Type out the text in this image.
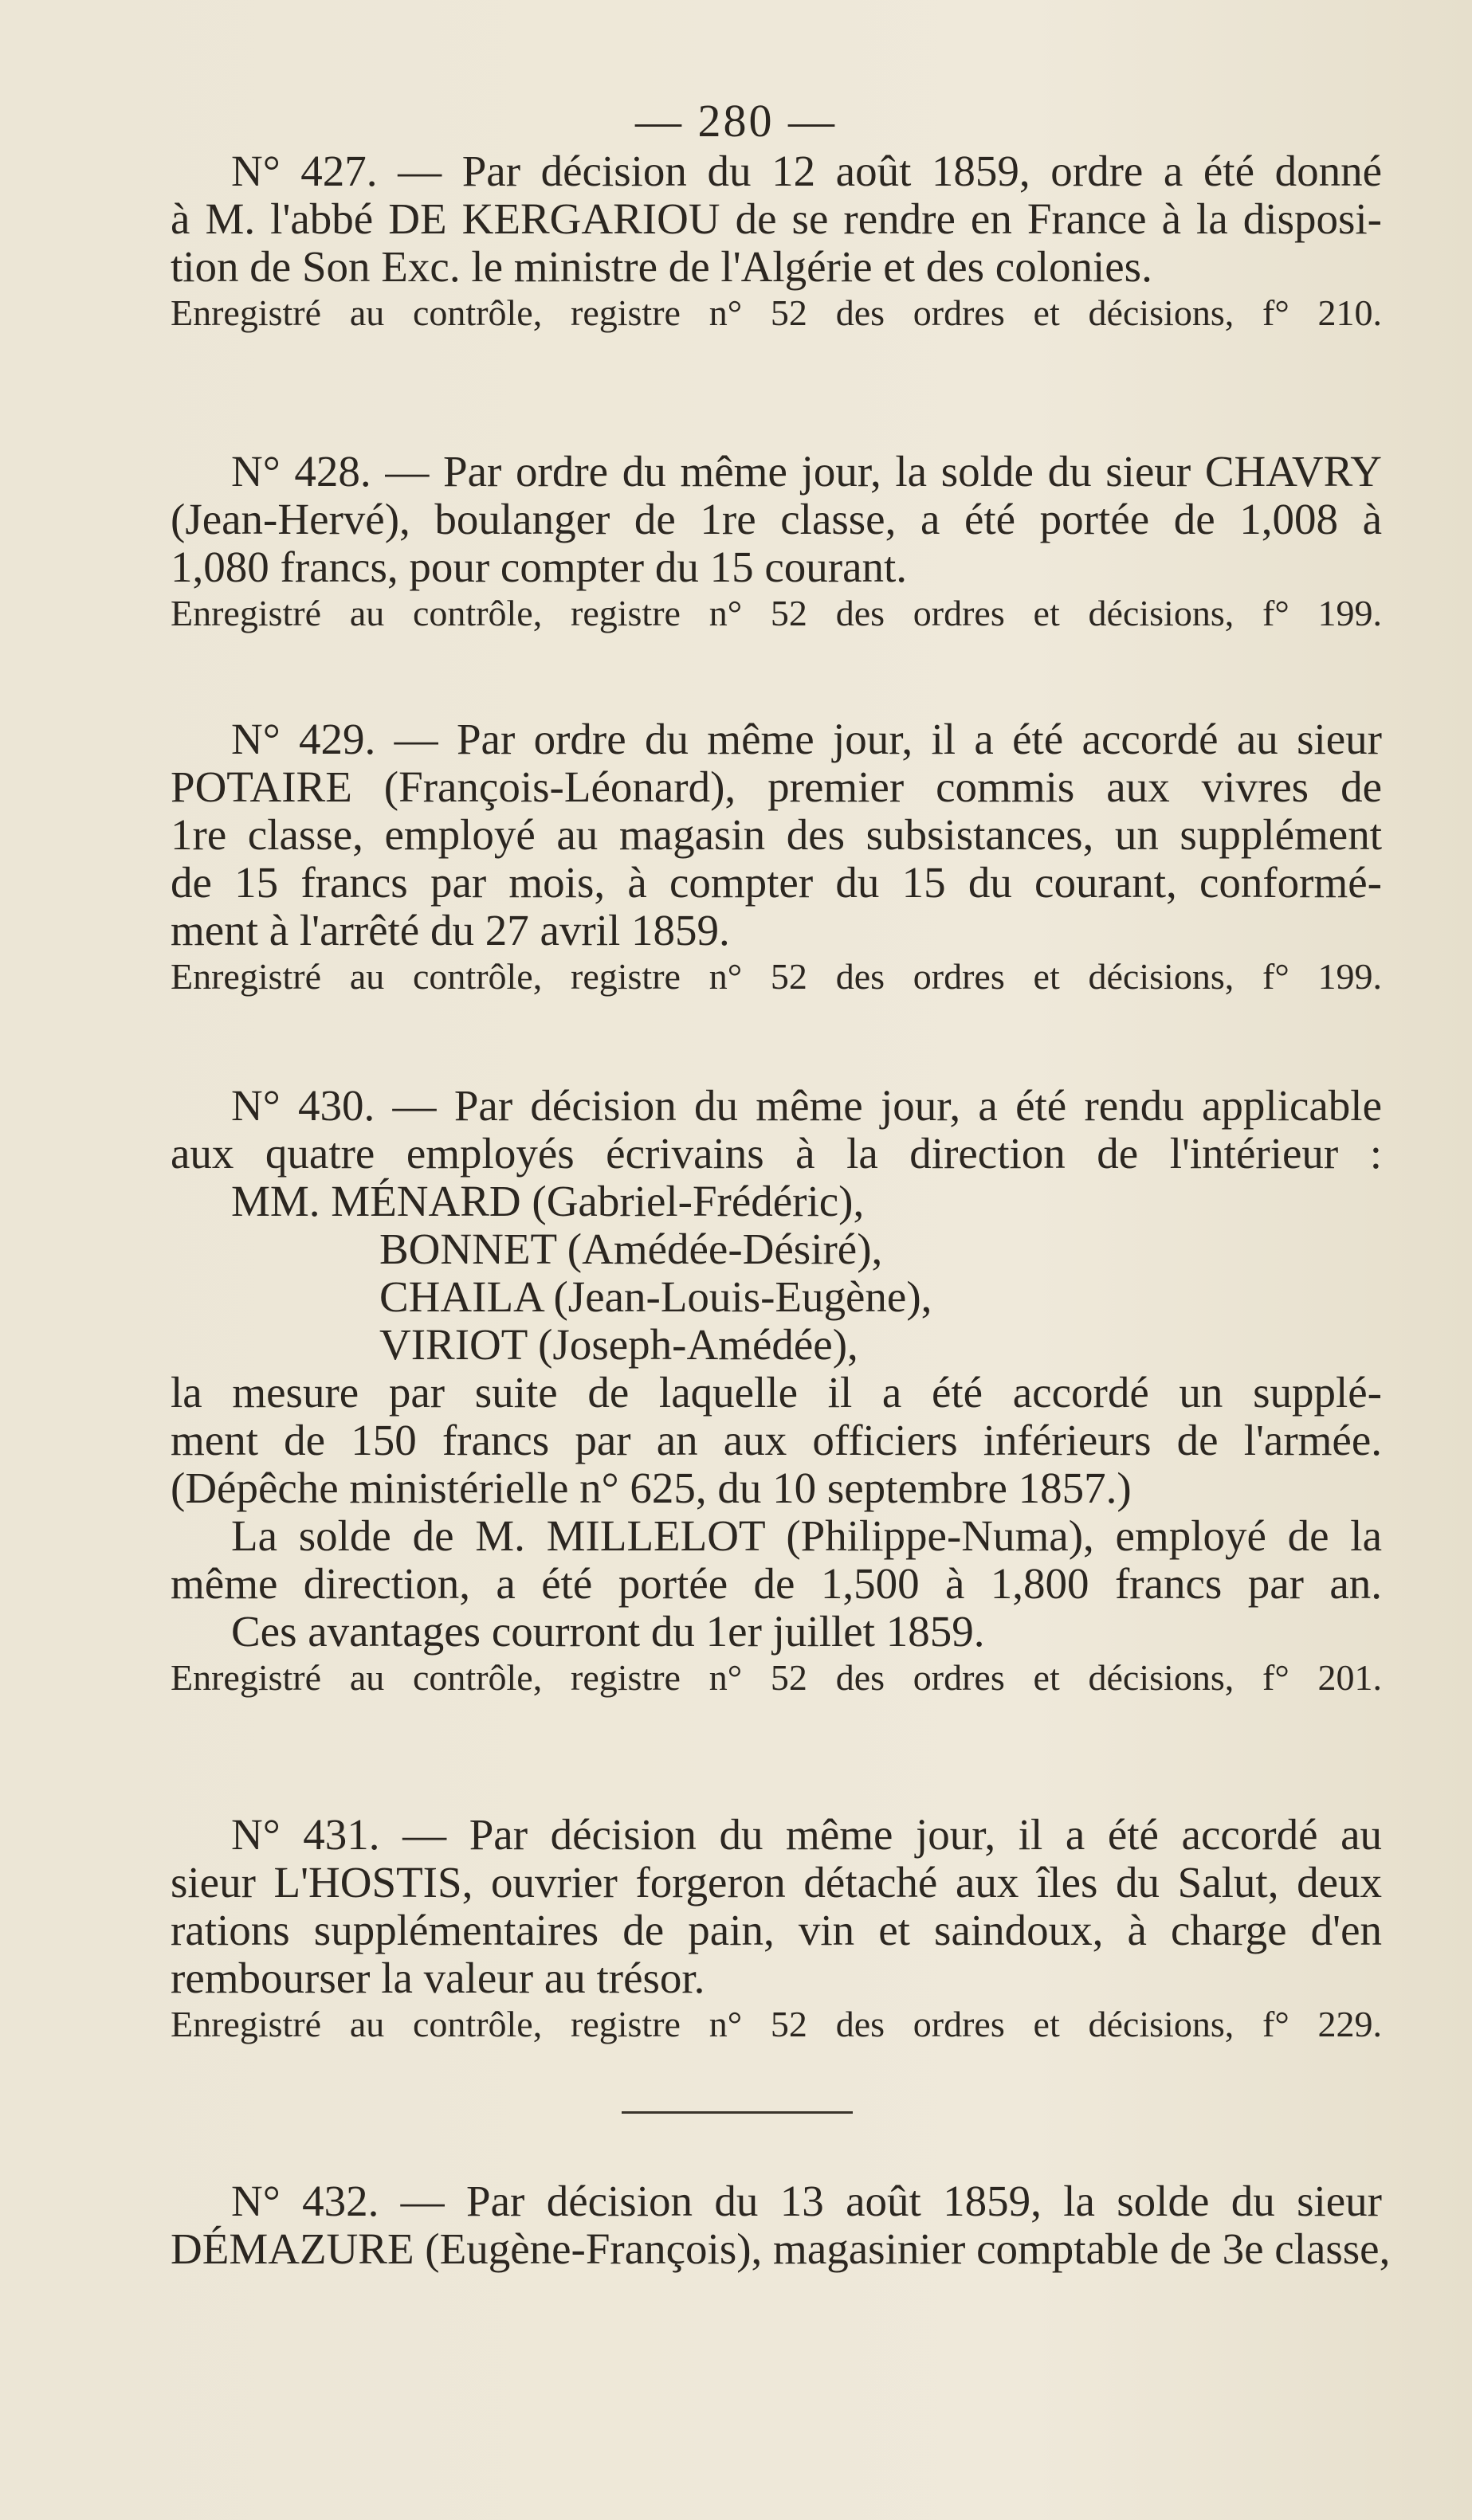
— 280 —
N° 427. — Par décision du 12 août 1859, ordre a été donné
à M. l'abbé DE KERGARIOU de se rendre en France à la disposi-
tion de Son Exc. le ministre de l'Algérie et des colonies.
Enregistré au contrôle, registre n° 52 des ordres et décisions, f° 210.
N° 428. — Par ordre du même jour, la solde du sieur CHAVRY
(Jean-Hervé), boulanger de 1re classe, a été portée de 1,008 à
1,080 francs, pour compter du 15 courant.
Enregistré au contrôle, registre n° 52 des ordres et décisions, f° 199.
N° 429. — Par ordre du même jour, il a été accordé au sieur
POTAIRE (François-Léonard), premier commis aux vivres de
1re classe, employé au magasin des subsistances, un supplément
de 15 francs par mois, à compter du 15 du courant, conformé-
ment à l'arrêté du 27 avril 1859.
Enregistré au contrôle, registre n° 52 des ordres et décisions, f° 199.
N° 430. — Par décision du même jour, a été rendu applicable
aux quatre employés écrivains à la direction de l'intérieur :
MM. MÉNARD (Gabriel-Frédéric),
BONNET (Amédée-Désiré),
CHAILA (Jean-Louis-Eugène),
VIRIOT (Joseph-Amédée),
la mesure par suite de laquelle il a été accordé un supplé-
ment de 150 francs par an aux officiers inférieurs de l'armée.
(Dépêche ministérielle n° 625, du 10 septembre 1857.)
La solde de M. MILLELOT (Philippe-Numa), employé de la
même direction, a été portée de 1,500 à 1,800 francs par an.
Ces avantages courront du 1er juillet 1859.
Enregistré au contrôle, registre n° 52 des ordres et décisions, f° 201.
N° 431. — Par décision du même jour, il a été accordé au
sieur L'HOSTIS, ouvrier forgeron détaché aux îles du Salut, deux
rations supplémentaires de pain, vin et saindoux, à charge d'en
rembourser la valeur au trésor.
Enregistré au contrôle, registre n° 52 des ordres et décisions, f° 229.
N° 432. — Par décision du 13 août 1859, la solde du sieur
DÉMAZURE (Eugène-François), magasinier comptable de 3e classe,
